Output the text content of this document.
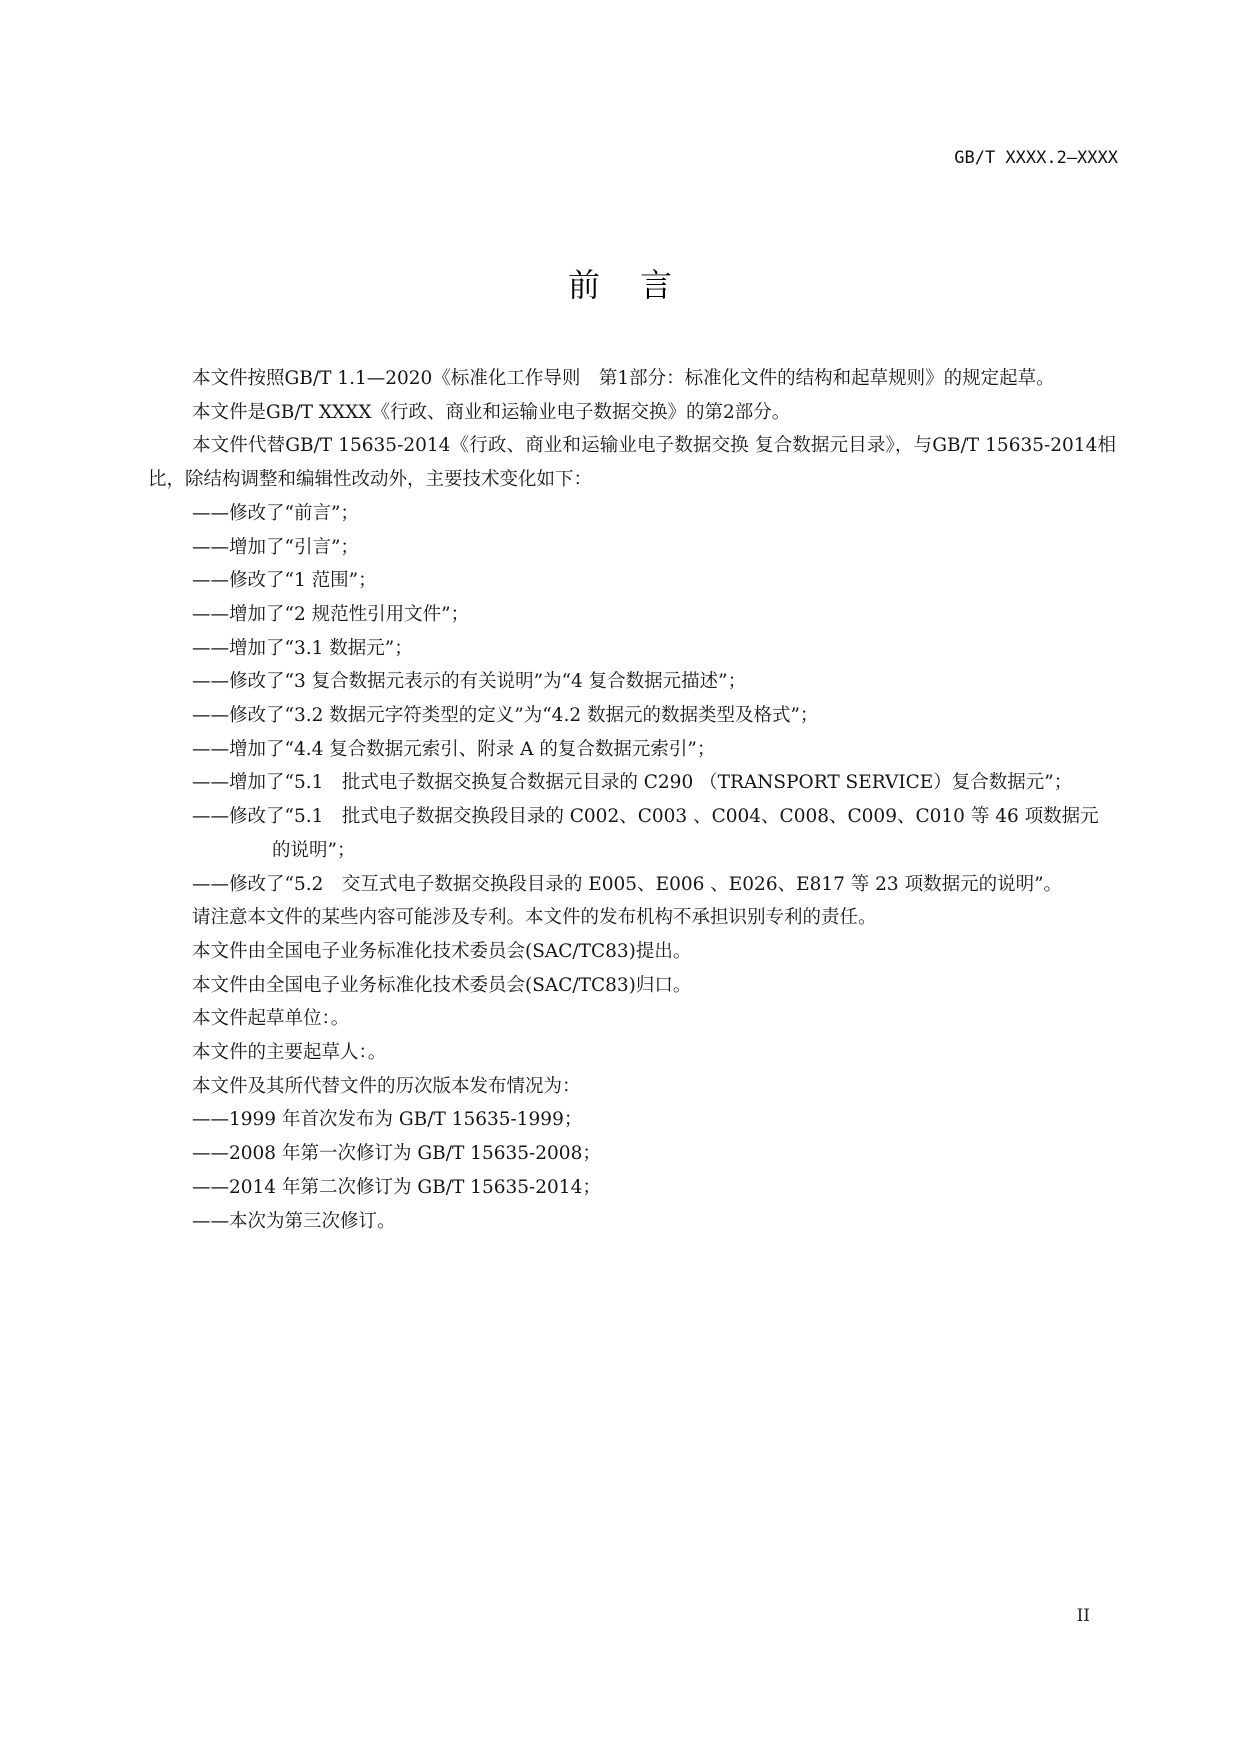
GB/T XXXX.2—XXXX
前言

本文件按照GB/T 1.1—2020《标准化工作导则　第1部分：标准化文件的结构和起草规则》的规定起草。

本文件是GB/T XXXX《行政、商业和运输业电子数据交换》的第2部分。

本文件代替GB/T 15635-2014《行政、商业和运输业电子数据交换 复合数据元目录》，与GB/T 15635-2014相比，除结构调整和编辑性改动外，主要技术变化如下：

——修改了“前言”；
——增加了“引言”；
——修改了“1 范围”；
——增加了“2 规范性引用文件”；
——增加了“3.1 数据元”；
——修改了“3 复合数据元表示的有关说明”为“4 复合数据元描述”；
——修改了“3.2 数据元字符类型的定义”为“4.2 数据元的数据类型及格式”；
——增加了“4.4 复合数据元索引、附录 A 的复合数据元索引”；
——增加了“5.1　批式电子数据交换复合数据元目录的 C290 （TRANSPORT SERVICE）复合数据元”；
——修改了“5.1　批式电子数据交换段目录的 C002、C003 、C004、C008、C009、C010 等 46 项数据元的说明”；
——修改了“5.2　交互式电子数据交换段目录的 E005、E006 、E026、E817 等 23 项数据元的说明”。

请注意本文件的某些内容可能涉及专利。本文件的发布机构不承担识别专利的责任。

本文件由全国电子业务标准化技术委员会(SAC/TC83)提出。

本文件由全国电子业务标准化技术委员会(SAC/TC83)归口。

本文件起草单位：。

本文件的主要起草人：。

本文件及其所代替文件的历次版本发布情况为：

——1999 年首次发布为 GB/T 15635-1999；
——2008 年第一次修订为 GB/T 15635-2008；
——2014 年第二次修订为 GB/T 15635-2014；
——本次为第三次修订。
II
